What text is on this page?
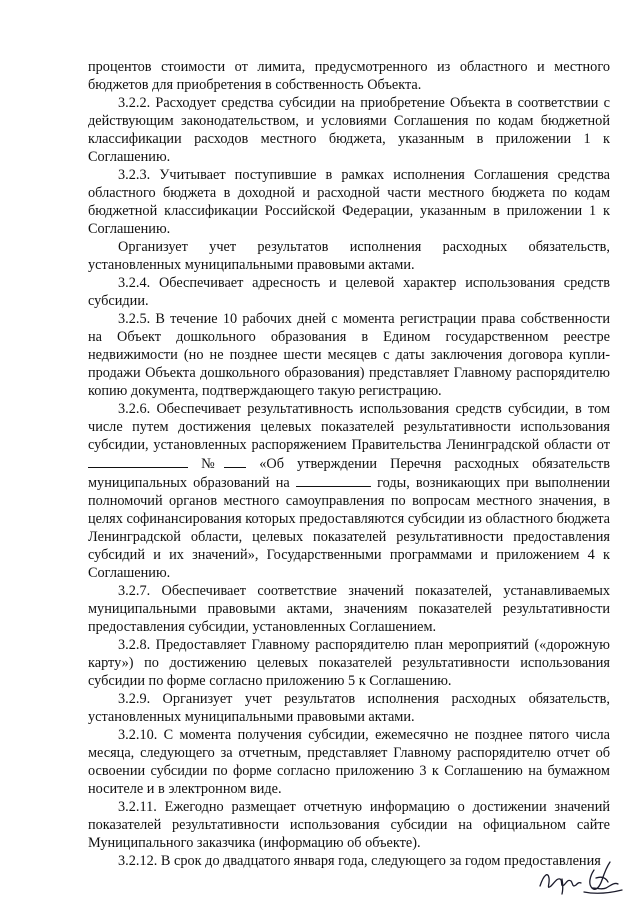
процентов стоимости от лимита, предусмотренного из областного и местного бюджетов для приобретения в собственность Объекта.

3.2.2. Расходует средства субсидии на приобретение Объекта в соответствии с действующим законодательством, и условиями Соглашения по кодам бюджетной классификации расходов местного бюджета, указанным в приложении 1 к Соглашению.

3.2.3. Учитывает поступившие в рамках исполнения Соглашения средства областного бюджета в доходной и расходной части местного бюджета по кодам бюджетной классификации Российской Федерации, указанным в приложении 1 к Соглашению.

Организует учет результатов исполнения расходных обязательств, установленных муниципальными правовыми актами.

3.2.4. Обеспечивает адресность и целевой характер использования средств субсидии.

3.2.5. В течение 10 рабочих дней с момента регистрации права собственности на Объект дошкольного образования в Едином государственном реестре недвижимости (но не позднее шести месяцев с даты заключения договора купли-продажи Объекта дошкольного образования) представляет Главному распорядителю копию документа, подтверждающего такую регистрацию.

3.2.6. Обеспечивает результативность использования средств субсидии, в том числе путем достижения целевых показателей результативности использования субсидии, установленных распоряжением Правительства Ленинградской области от  № «Об утверждении Перечня расходных обязательств муниципальных образований на	годы, возникающих при выполнении полномочий органов местного самоуправления по вопросам местного значения, в целях софинансирования которых предоставляются субсидии из областного бюджета Ленинградской области, целевых показателей результативности предоставления субсидий и их значений», Государственными программами и приложением 4 к Соглашению.

3.2.7. Обеспечивает соответствие значений показателей, устанавливаемых муниципальными правовыми актами, значениям показателей результативности предоставления субсидии, установленных Соглашением.

3.2.8. Предоставляет Главному распорядителю план мероприятий («дорожную карту») по достижению целевых показателей результативности использования субсидии по форме согласно приложению 5 к Соглашению.

3.2.9. Организует учет результатов исполнения расходных обязательств, установленных муниципальными правовыми актами.

3.2.10. С момента получения субсидии, ежемесячно не позднее пятого числа месяца, следующего за отчетным, представляет Главному распорядителю отчет об освоении субсидии по форме согласно приложению 3 к Соглашению на бумажном носителе и в электронном виде.

3.2.11. Ежегодно размещает отчетную информацию о достижении значений показателей результативности использования субсидии на официальном сайте Муниципального заказчика (информацию об объекте).

3.2.12. В срок до двадцатого января года, следующего за годом предоставления
